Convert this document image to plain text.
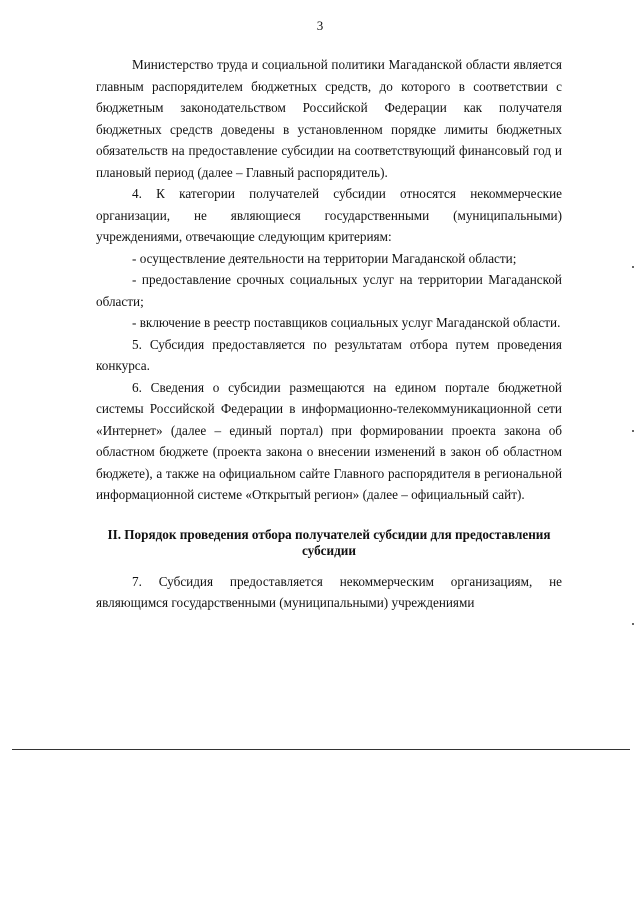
3

Министерство труда и социальной политики Магаданской области является главным распорядителем бюджетных средств, до которого в соответствии с бюджетным законодательством Российской Федерации как получателя бюджетных средств доведены в установленном порядке лимиты бюджетных обязательств на предоставление субсидии на соответствующий финансовый год и плановый период (далее – Главный распорядитель).

4. К категории получателей субсидии относятся некоммерческие организации, не являющиеся государственными (муниципальными) учреждениями, отвечающие следующим критериям:

- осуществление деятельности на территории Магаданской области;

- предоставление срочных социальных услуг на территории Магаданской области;

- включение в реестр поставщиков социальных услуг Магаданской области.

5. Субсидия предоставляется по результатам отбора путем проведения конкурса.

6. Сведения о субсидии размещаются на едином портале бюджетной системы Российской Федерации в информационно-телекоммуникационной сети «Интернет» (далее – единый портал) при формировании проекта закона об областном бюджете (проекта закона о внесении изменений в закон об областном бюджете), а также на официальном сайте Главного распорядителя в региональной информационной системе «Открытый регион» (далее – официальный сайт).

II. Порядок проведения отбора получателей субсидии для предоставления субсидии

7. Субсидия предоставляется некоммерческим организациям, не являющимся государственными (муниципальными) учреждениями
